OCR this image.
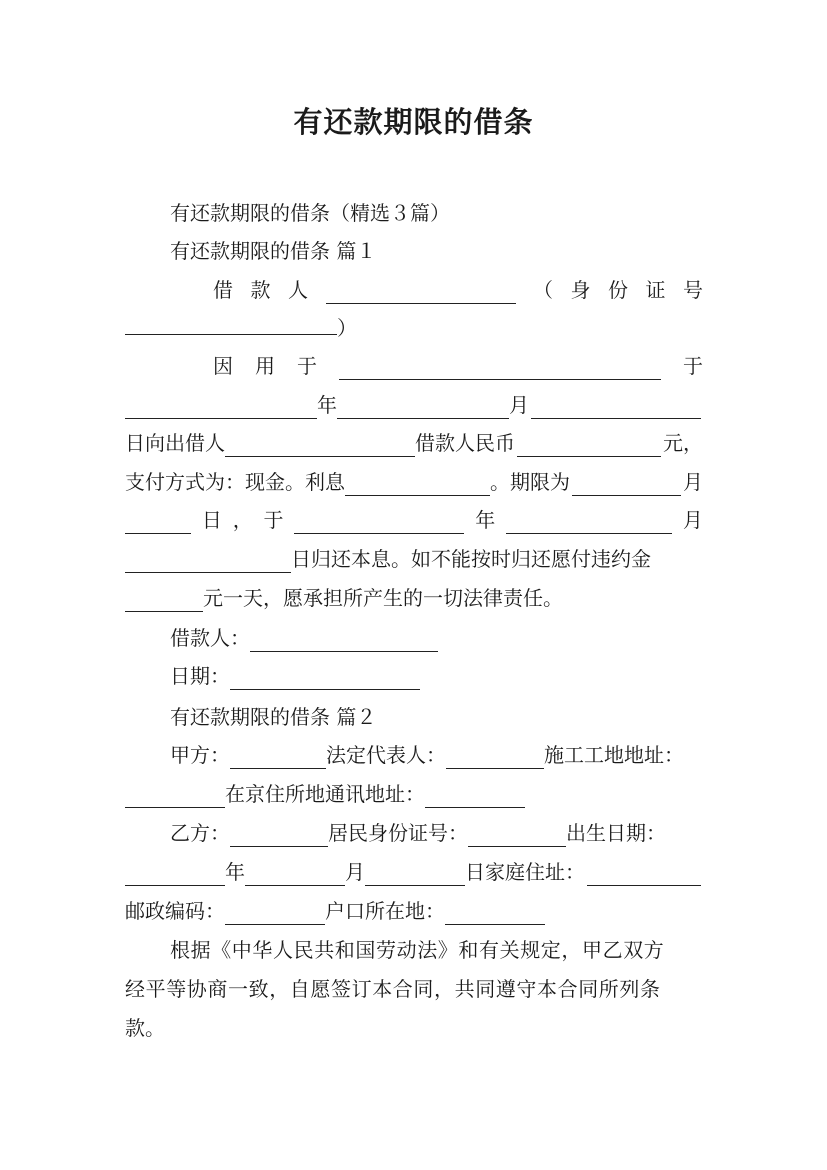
有还款期限的借条
有还款期限的借条（精选３篇）
有还款期限的借条 篇１
借 款 人	（ 身 份 证 号
）
因 用 于	于
年	月
日向出借人	借款人民币	元，
支付方式为：现金。利息	。期限为	月
日 ， 于	年	月
日归还本息。如不能按时归还愿付违约金
元一天，愿承担所产生的一切法律责任。
借款人：
日期：
有还款期限的借条 篇２
甲方：	法定代表人：	施工工地地址：
在京住所地通讯地址：
乙方：	居民身份证号：	出生日期：
年	月	日家庭住址：
邮政编码：	户口所在地：
根据《中华人民共和国劳动法》和有关规定，甲乙双方
经平等协商一致，自愿签订本合同，共同遵守本合同所列条
款。
